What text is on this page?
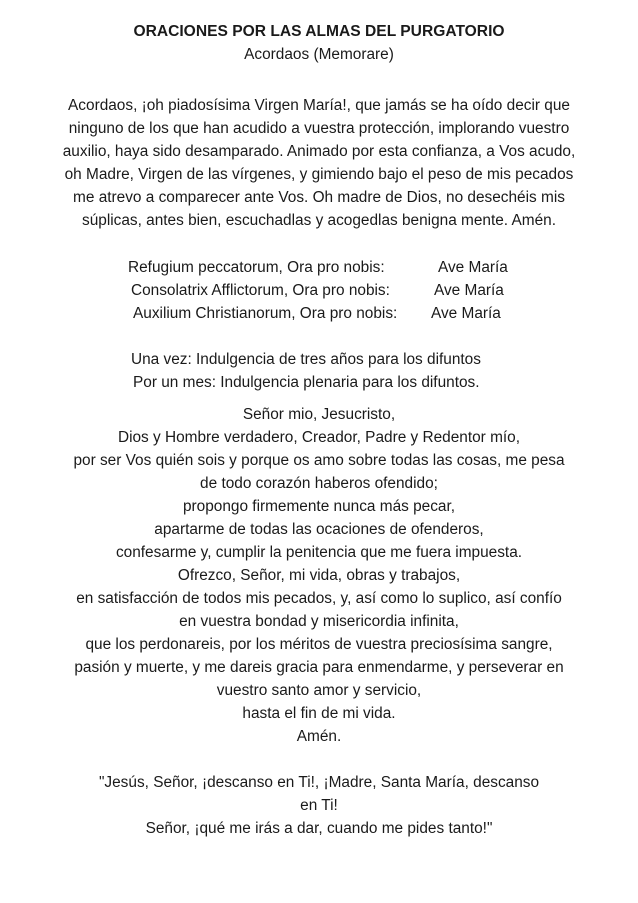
ORACIONES POR LAS ALMAS DEL PURGATORIO
Acordaos (Memorare)
Acordaos, ¡oh piadosísima Virgen María!, que jamás se ha oído decir que
ninguno de los que han acudido a vuestra protección, implorando vuestro
auxilio, haya sido desamparado. Animado por esta confianza, a Vos acudo,
oh Madre, Virgen de las vírgenes, y gimiendo bajo el peso de mis pecados
me atrevo a comparecer ante Vos. Oh madre de Dios, no desechéis mis
súplicas, antes bien, escuchadlas y acogedlas benigna mente. Amén.
Refugium peccatorum, Ora pro nobis:	Ave María
Consolatrix Afflictorum, Ora pro nobis:	Ave María
Auxilium Christianorum, Ora pro nobis: Ave María
Una vez: Indulgencia de tres años para los difuntos
Por un mes: Indulgencia plenaria para los difuntos.
Señor mio, Jesucristo,
Dios y Hombre verdadero, Creador, Padre y Redentor mío,
por ser Vos quién sois y porque os amo sobre todas las cosas, me pesa
de todo corazón haberos ofendido;
propongo firmemente nunca más pecar,
apartarme de todas las ocaciones de ofenderos,
confesarme y, cumplir la penitencia que me fuera impuesta.
Ofrezco, Señor, mi vida, obras y trabajos,
en satisfacción de todos mis pecados, y, así como lo suplico, así confío
en vuestra bondad y misericordia infinita,
que los perdonareis, por los méritos de vuestra preciosísima sangre,
pasión y muerte, y me dareis gracia para enmendarme, y perseverar en
vuestro santo amor y servicio,
hasta el fin de mi vida.
Amén.
"Jesús, Señor, ¡descanso en Ti!, ¡Madre, Santa María, descanso
en Ti!
Señor, ¡qué me irás a dar, cuando me pides tanto!"
